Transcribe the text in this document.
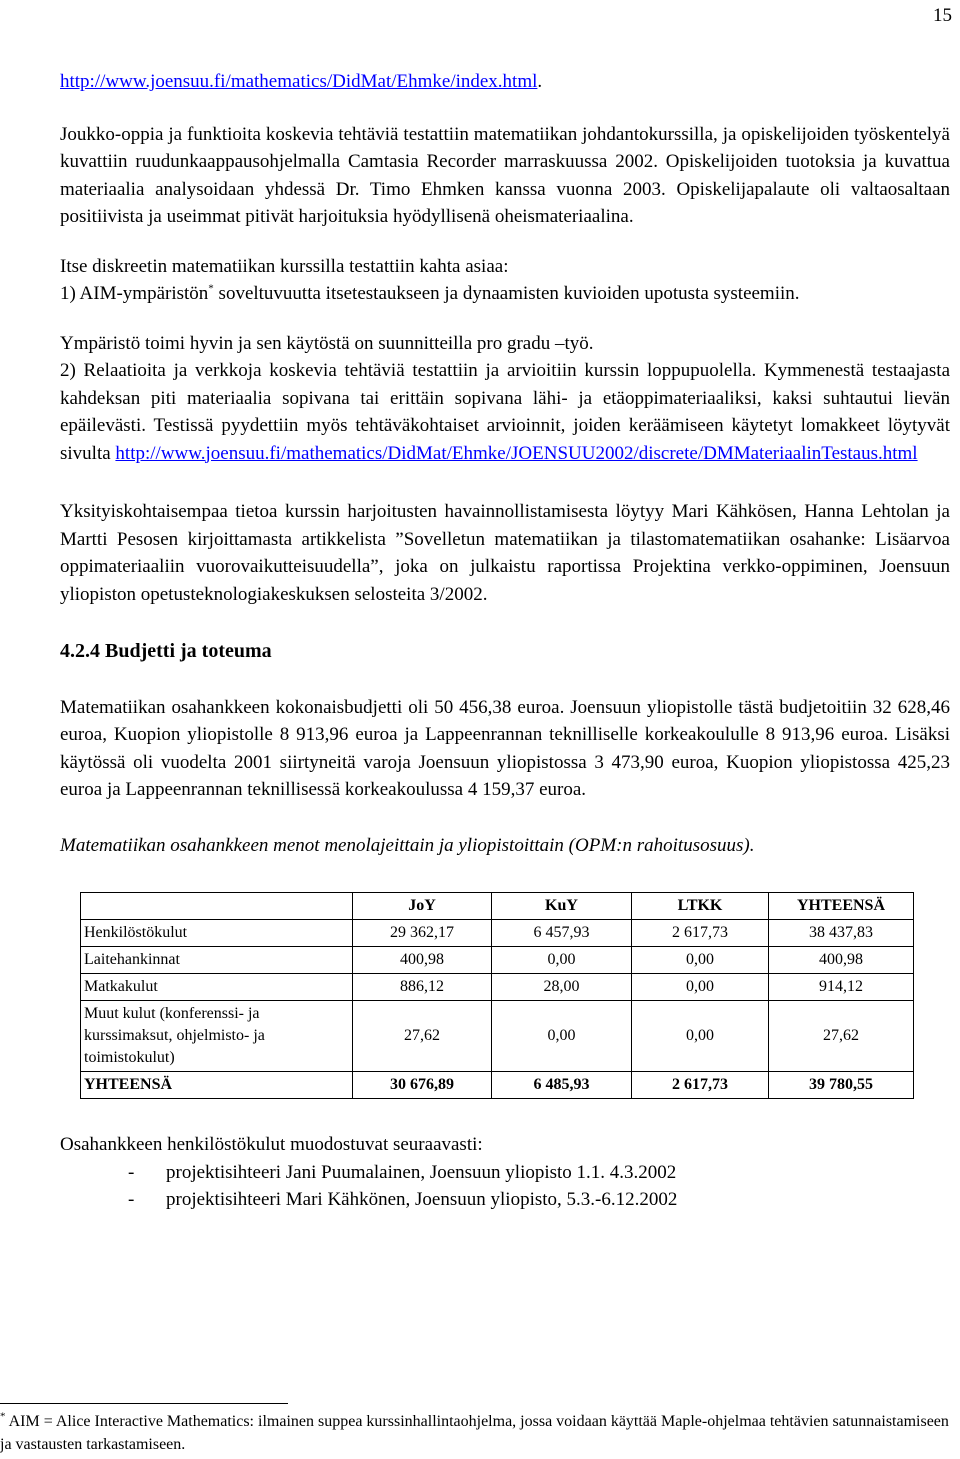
15

http://www.joensuu.fi/mathematics/DidMat/Ehmke/index.html.

Joukko-oppia ja funktioita koskevia tehtäviä testattiin matematiikan johdantokurssilla, ja opiskelijoiden työskentelyä kuvattiin ruudunkaappausohjelmalla Camtasia Recorder marraskuussa 2002. Opiskelijoiden tuotoksia ja kuvattua materiaalia analysoidaan yhdessä Dr. Timo Ehmken kanssa vuonna 2003. Opiskelijapalaute oli valtaosaltaan positiivista ja useimmat pitivät harjoituksia hyödyllisenä oheismateriaalina.

Itse diskreetin matematiikan kurssilla testattiin kahta asiaa:

1) AIM-ympäristön* soveltuvuutta itsetestaukseen ja dynaamisten kuvioiden upotusta systeemiin.

Ympäristö toimi hyvin ja sen käytöstä on suunnitteilla pro gradu –työ.

2) Relaatioita ja verkkoja koskevia tehtäviä testattiin ja arvioitiin kurssin loppupuolella. Kymmenestä testaajasta kahdeksan piti materiaalia sopivana tai erittäin sopivana lähi- ja etäoppimateriaaliksi, kaksi suhtautui lievän epäilevästi. Testissä pyydettiin myös tehtäväkohtaiset arvioinnit, joiden keräämiseen käytetyt lomakkeet löytyvät sivulta http://www.joensuu.fi/mathematics/DidMat/Ehmke/JOENSUU2002/discrete/DMMateriaalinTestaus.html

Yksityiskohtaisempaa tietoa kurssin harjoitusten havainnollistamisesta löytyy Mari Kähkösen, Hanna Lehtolan ja Martti Pesosen kirjoittamasta artikkelista ”Sovelletun matematiikan ja tilastomatematiikan osahanke: Lisäarvoa oppimateriaaliin vuorovaikutteisuudella”, joka on julkaistu raportissa Projektina verkko-oppiminen, Joensuun yliopiston opetusteknologiakeskuksen selosteita 3/2002.

4.2.4 Budjetti ja toteuma

Matematiikan osahankkeen kokonaisbudjetti oli 50 456,38 euroa. Joensuun yliopistolle tästä budjetoitiin 32 628,46 euroa, Kuopion yliopistolle 8 913,96 euroa ja Lappeenrannan teknilliselle korkeakoululle 8 913,96 euroa. Lisäksi käytössä oli vuodelta 2001 siirtyneitä varoja Joensuun yliopistossa 3 473,90 euroa, Kuopion yliopistossa 425,23 euroa ja Lappeenrannan teknillisessä korkeakoulussa 4 159,37 euroa.

Matematiikan osahankkeen menot menolajeittain ja yliopistoittain (OPM:n rahoitusosuus).

	JoY	KuY	LTKK	YHTEENSÄ
Henkilöstökulut	29 362,17	6 457,93	2 617,73	38 437,83
Laitehankinnat	400,98	0,00	0,00	400,98
Matkakulut	886,12	28,00	0,00	914,12
Muut kulut (konferenssi- ja kurssimaksut, ohjelmisto- ja toimistokulut)	27,62	0,00	0,00	27,62
YHTEENSÄ	30 676,89	6 485,93	2 617,73	39 780,55

Osahankkeen henkilöstökulut muodostuvat seuraavasti:

- projektisihteeri Jani Puumalainen, Joensuun yliopisto 1.1. 4.3.2002
- projektisihteeri Mari Kähkönen, Joensuun yliopisto, 5.3.-6.12.2002
* AIM = Alice Interactive Mathematics: ilmainen suppea kurssinhallintaohjelma, jossa voidaan käyttää Maple-ohjelmaa tehtävien satunnaistamiseen ja vastausten tarkastamiseen.
